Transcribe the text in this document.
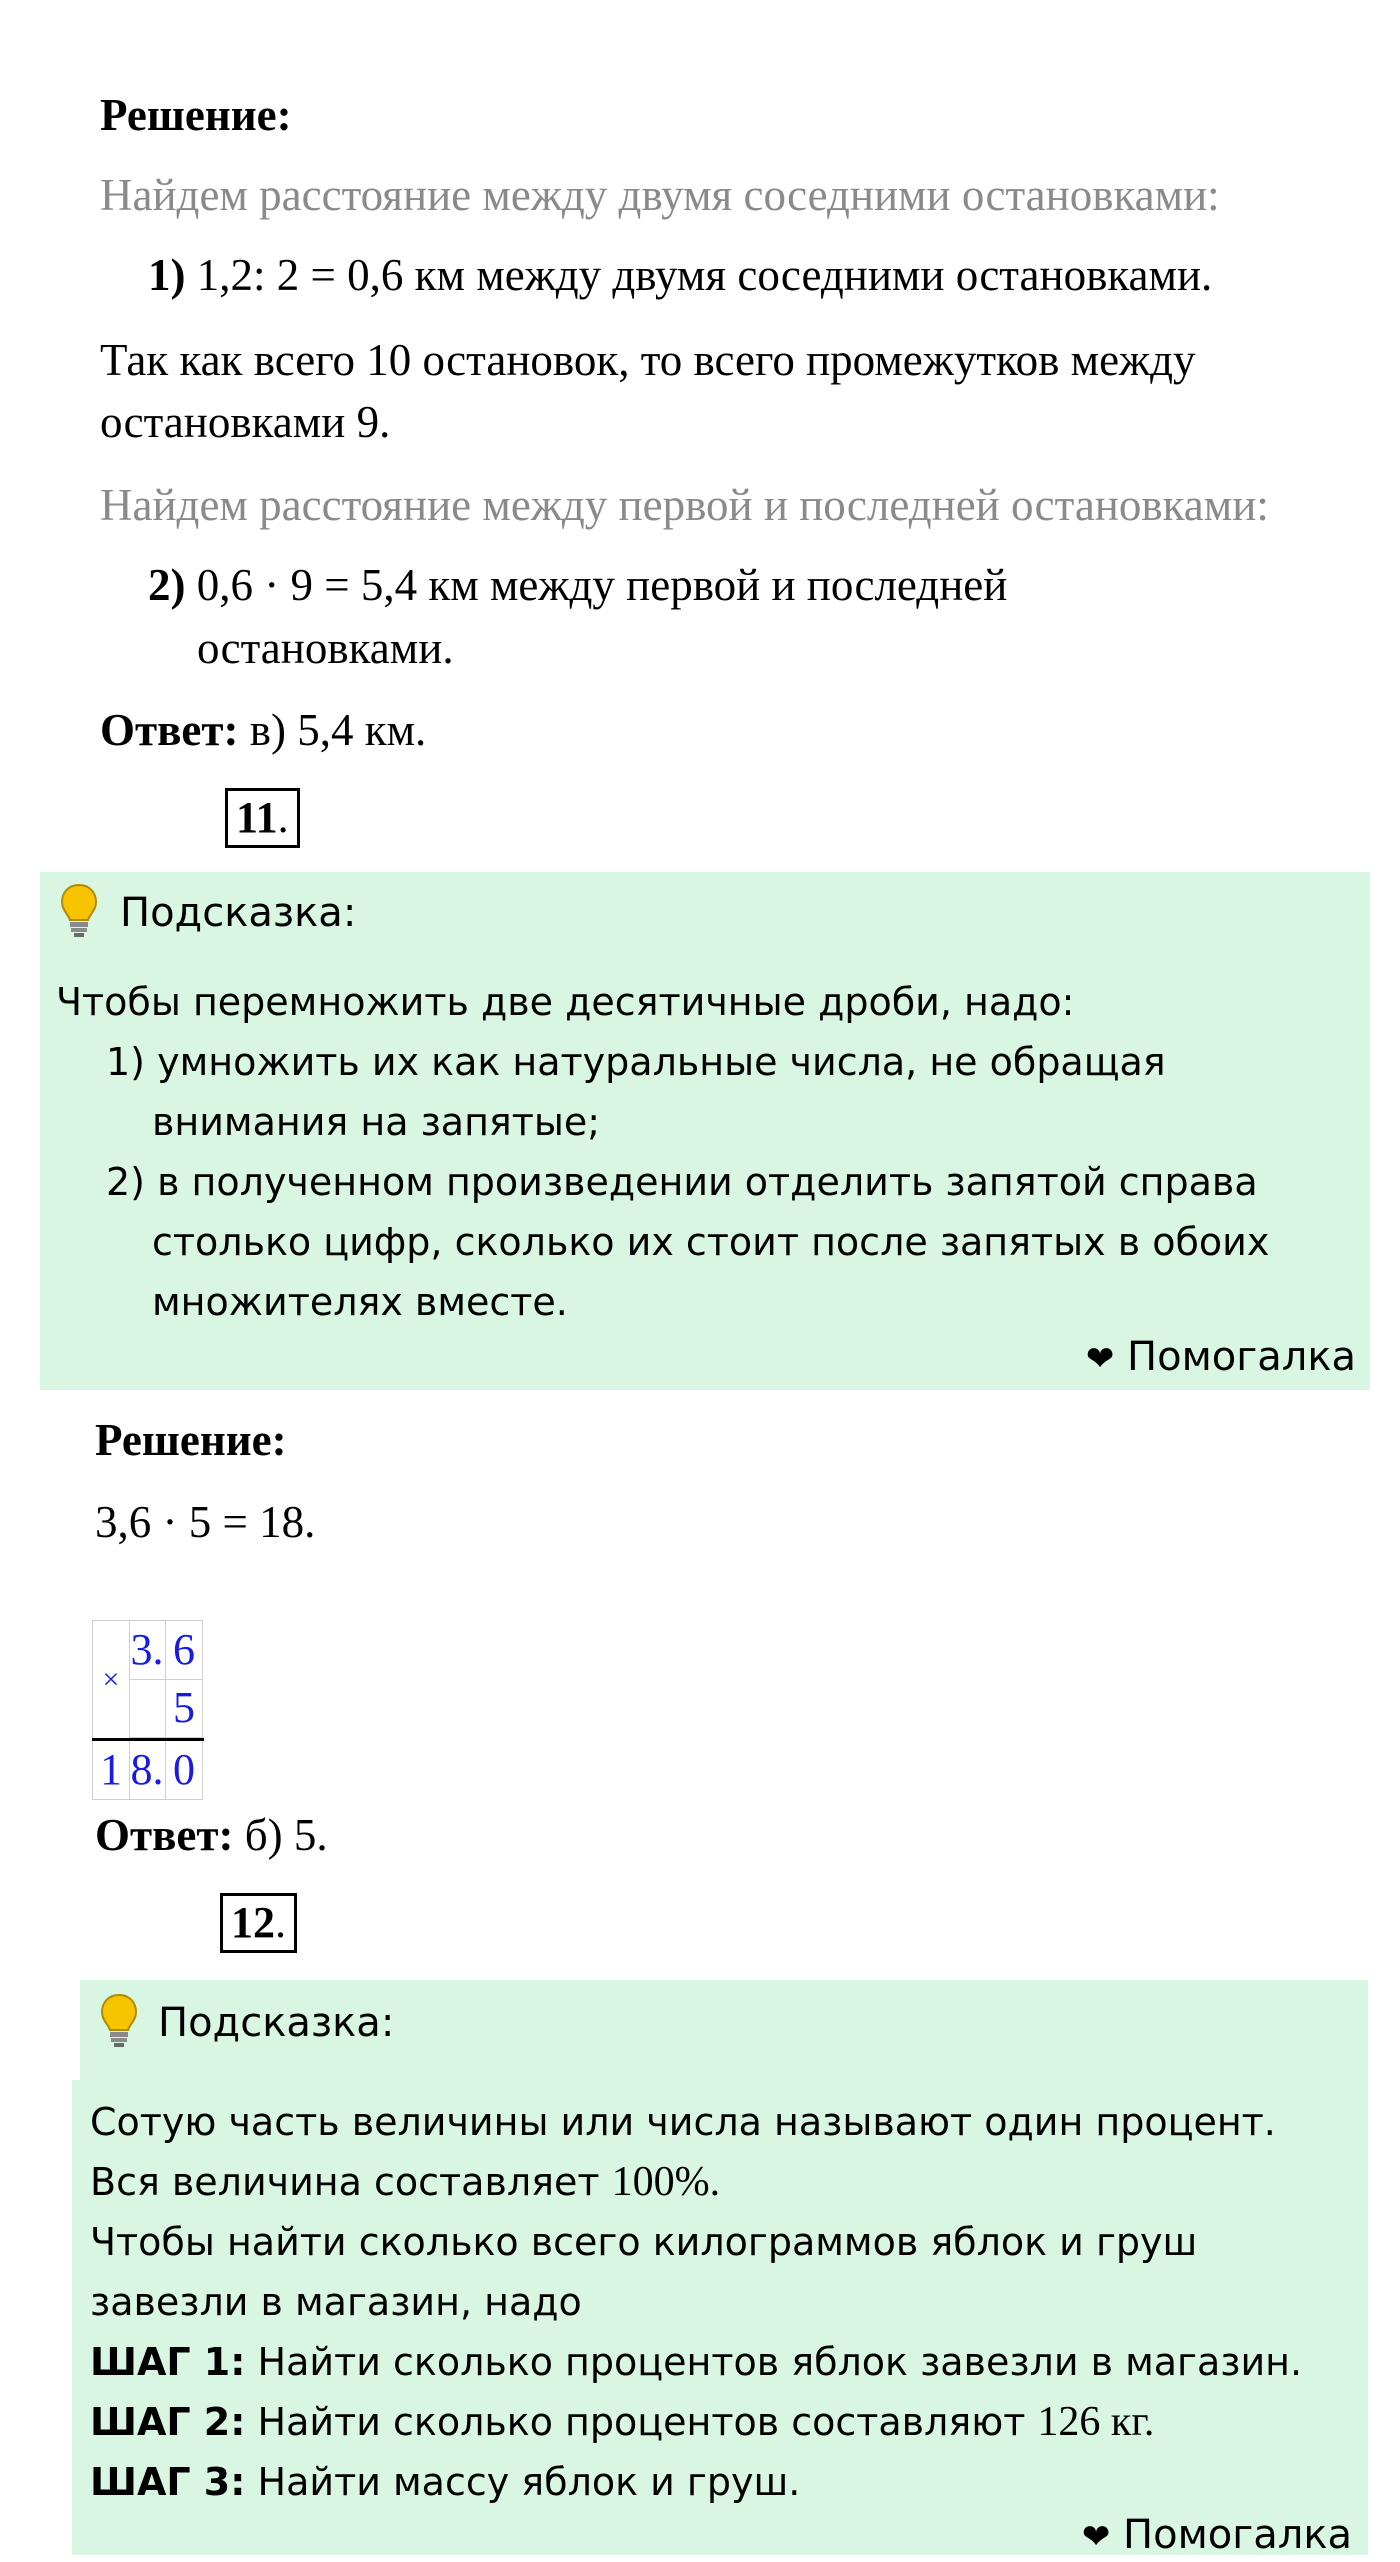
Решение:
Найдем расстояние между двумя соседними остановками:
1) 1,2: 2 = 0,6 км между двумя соседними остановками.
Так как всего 10 остановок, то всего промежутков между
остановками 9.
Найдем расстояние между первой и последней остановками:
2) 0,6 · 9 = 5,4 км между первой и последней
остановками.
Ответ: в) 5,4 км.
11.
Подсказка:
Чтобы перемножить две десятичные дроби, надо:
1) умножить их как натуральные числа, не обращая
внимания на запятые;
2) в полученном произведении отделить запятой справа
столько цифр, сколько их стоит после запятых в обоих
множителях вместе.
❤ Помогалка
Решение:
3,6 · 5 = 18.
×
3. 6
5
1 8. 0
Ответ: б) 5.
12.
Подсказка:
Сотую часть величины или числа называют один процент.
Вся величина составляет 100%.
Чтобы найти сколько всего килограммов яблок и груш
завезли в магазин, надо
ШАГ 1: Найти сколько процентов яблок завезли в магазин.
ШАГ 2: Найти сколько процентов составляют 126 кг.
ШАГ 3: Найти массу яблок и груш.
❤ Помогалка
